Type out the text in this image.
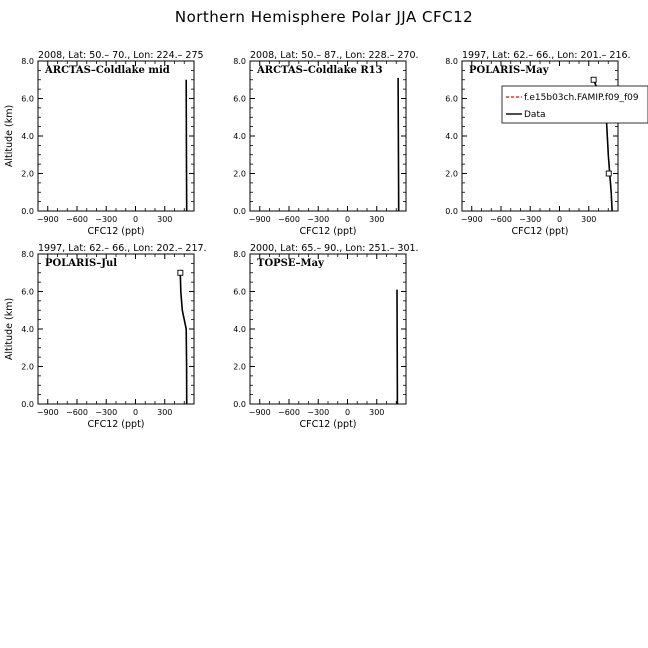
Northern Hemisphere Polar JJA CFC12
2008, Lat: 50.– 70., Lon: 224.– 275
ARCTAS–Coldlake mid
−900 −600 −300 0 300
0.0
2.0
4.0
6.0
8.0
CFC12 (ppt)
Altitude (km)
2008, Lat: 50.– 87., Lon: 228.– 270.
ARCTAS–Coldlake R13
−900 −600 −300 0 300
0.0
2.0
4.0
6.0
8.0
CFC12 (ppt)
1997, Lat: 62.– 66., Lon: 201.– 216.
POLARIS–May
−900 −600 −300 0 300
0.0
2.0
4.0
6.0
8.0
CFC12 (ppt)
f.e15b03ch.FAMIP.f09_f09
Data
1997, Lat: 62.– 66., Lon: 202.– 217.
POLARIS–Jul
−900 −600 −300 0 300
0.0
2.0
4.0
6.0
8.0
CFC12 (ppt)
Altitude (km)
2000, Lat: 65.– 90., Lon: 251.– 301.
TOPSE–May
−900 −600 −300 0 300
0.0
2.0
4.0
6.0
8.0
CFC12 (ppt)
